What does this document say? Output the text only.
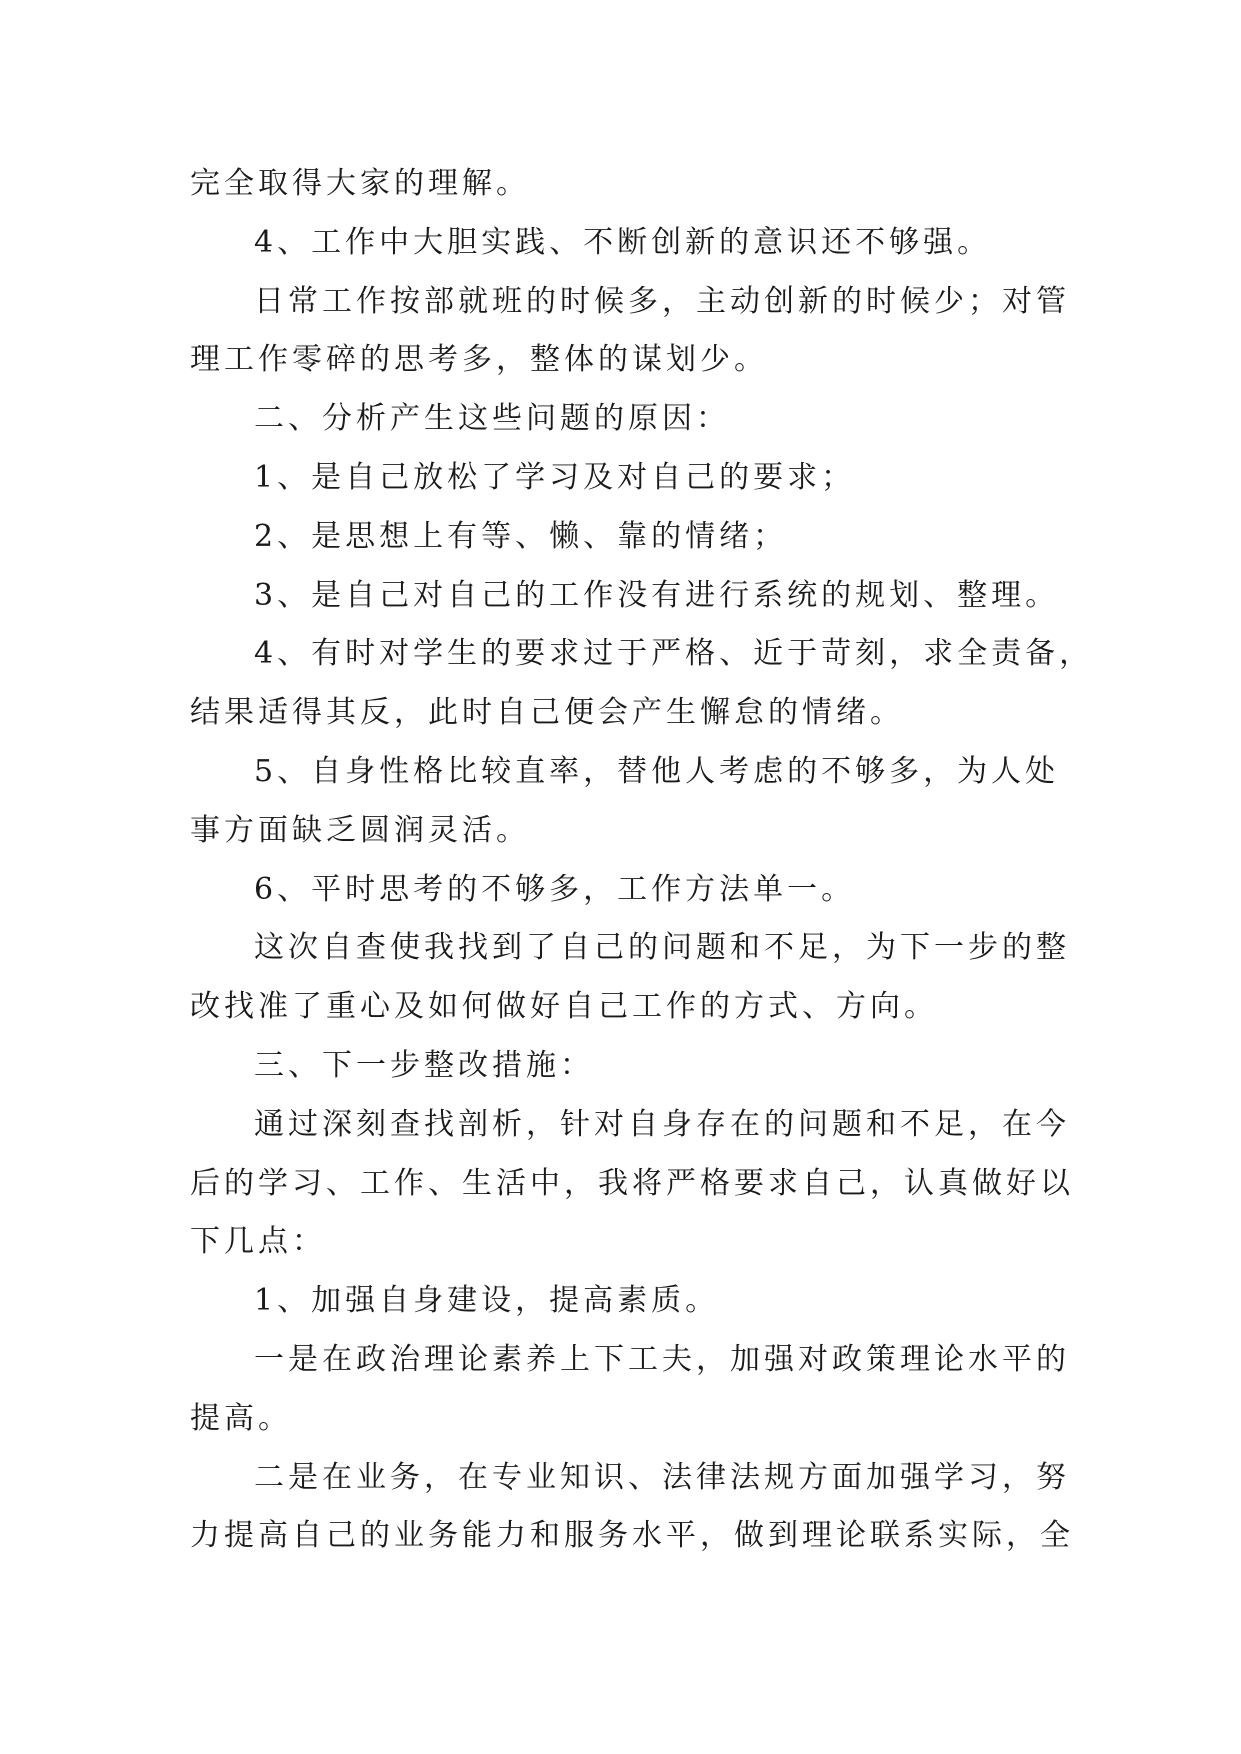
完全取得大家的理解。

4、工作中大胆实践、不断创新的意识还不够强。

日常工作按部就班的时候多，主动创新的时候少；对管

理工作零碎的思考多，整体的谋划少。

二、分析产生这些问题的原因：

1、是自己放松了学习及对自己的要求；

2、是思想上有等、懒、靠的情绪；

3、是自己对自己的工作没有进行系统的规划、整理。

4、有时对学生的要求过于严格、近于苛刻，求全责备，

结果适得其反，此时自己便会产生懈怠的情绪。

5、自身性格比较直率，替他人考虑的不够多，为人处

事方面缺乏圆润灵活。

6、平时思考的不够多，工作方法单一。

这次自查使我找到了自己的问题和不足，为下一步的整

改找准了重心及如何做好自己工作的方式、方向。

三、下一步整改措施：

通过深刻查找剖析，针对自身存在的问题和不足，在今

后的学习、工作、生活中，我将严格要求自己，认真做好以

下几点：

1、加强自身建设，提高素质。

一是在政治理论素养上下工夫，加强对政策理论水平的

提高。

二是在业务，在专业知识、法律法规方面加强学习，努

力提高自己的业务能力和服务水平，做到理论联系实际，全
